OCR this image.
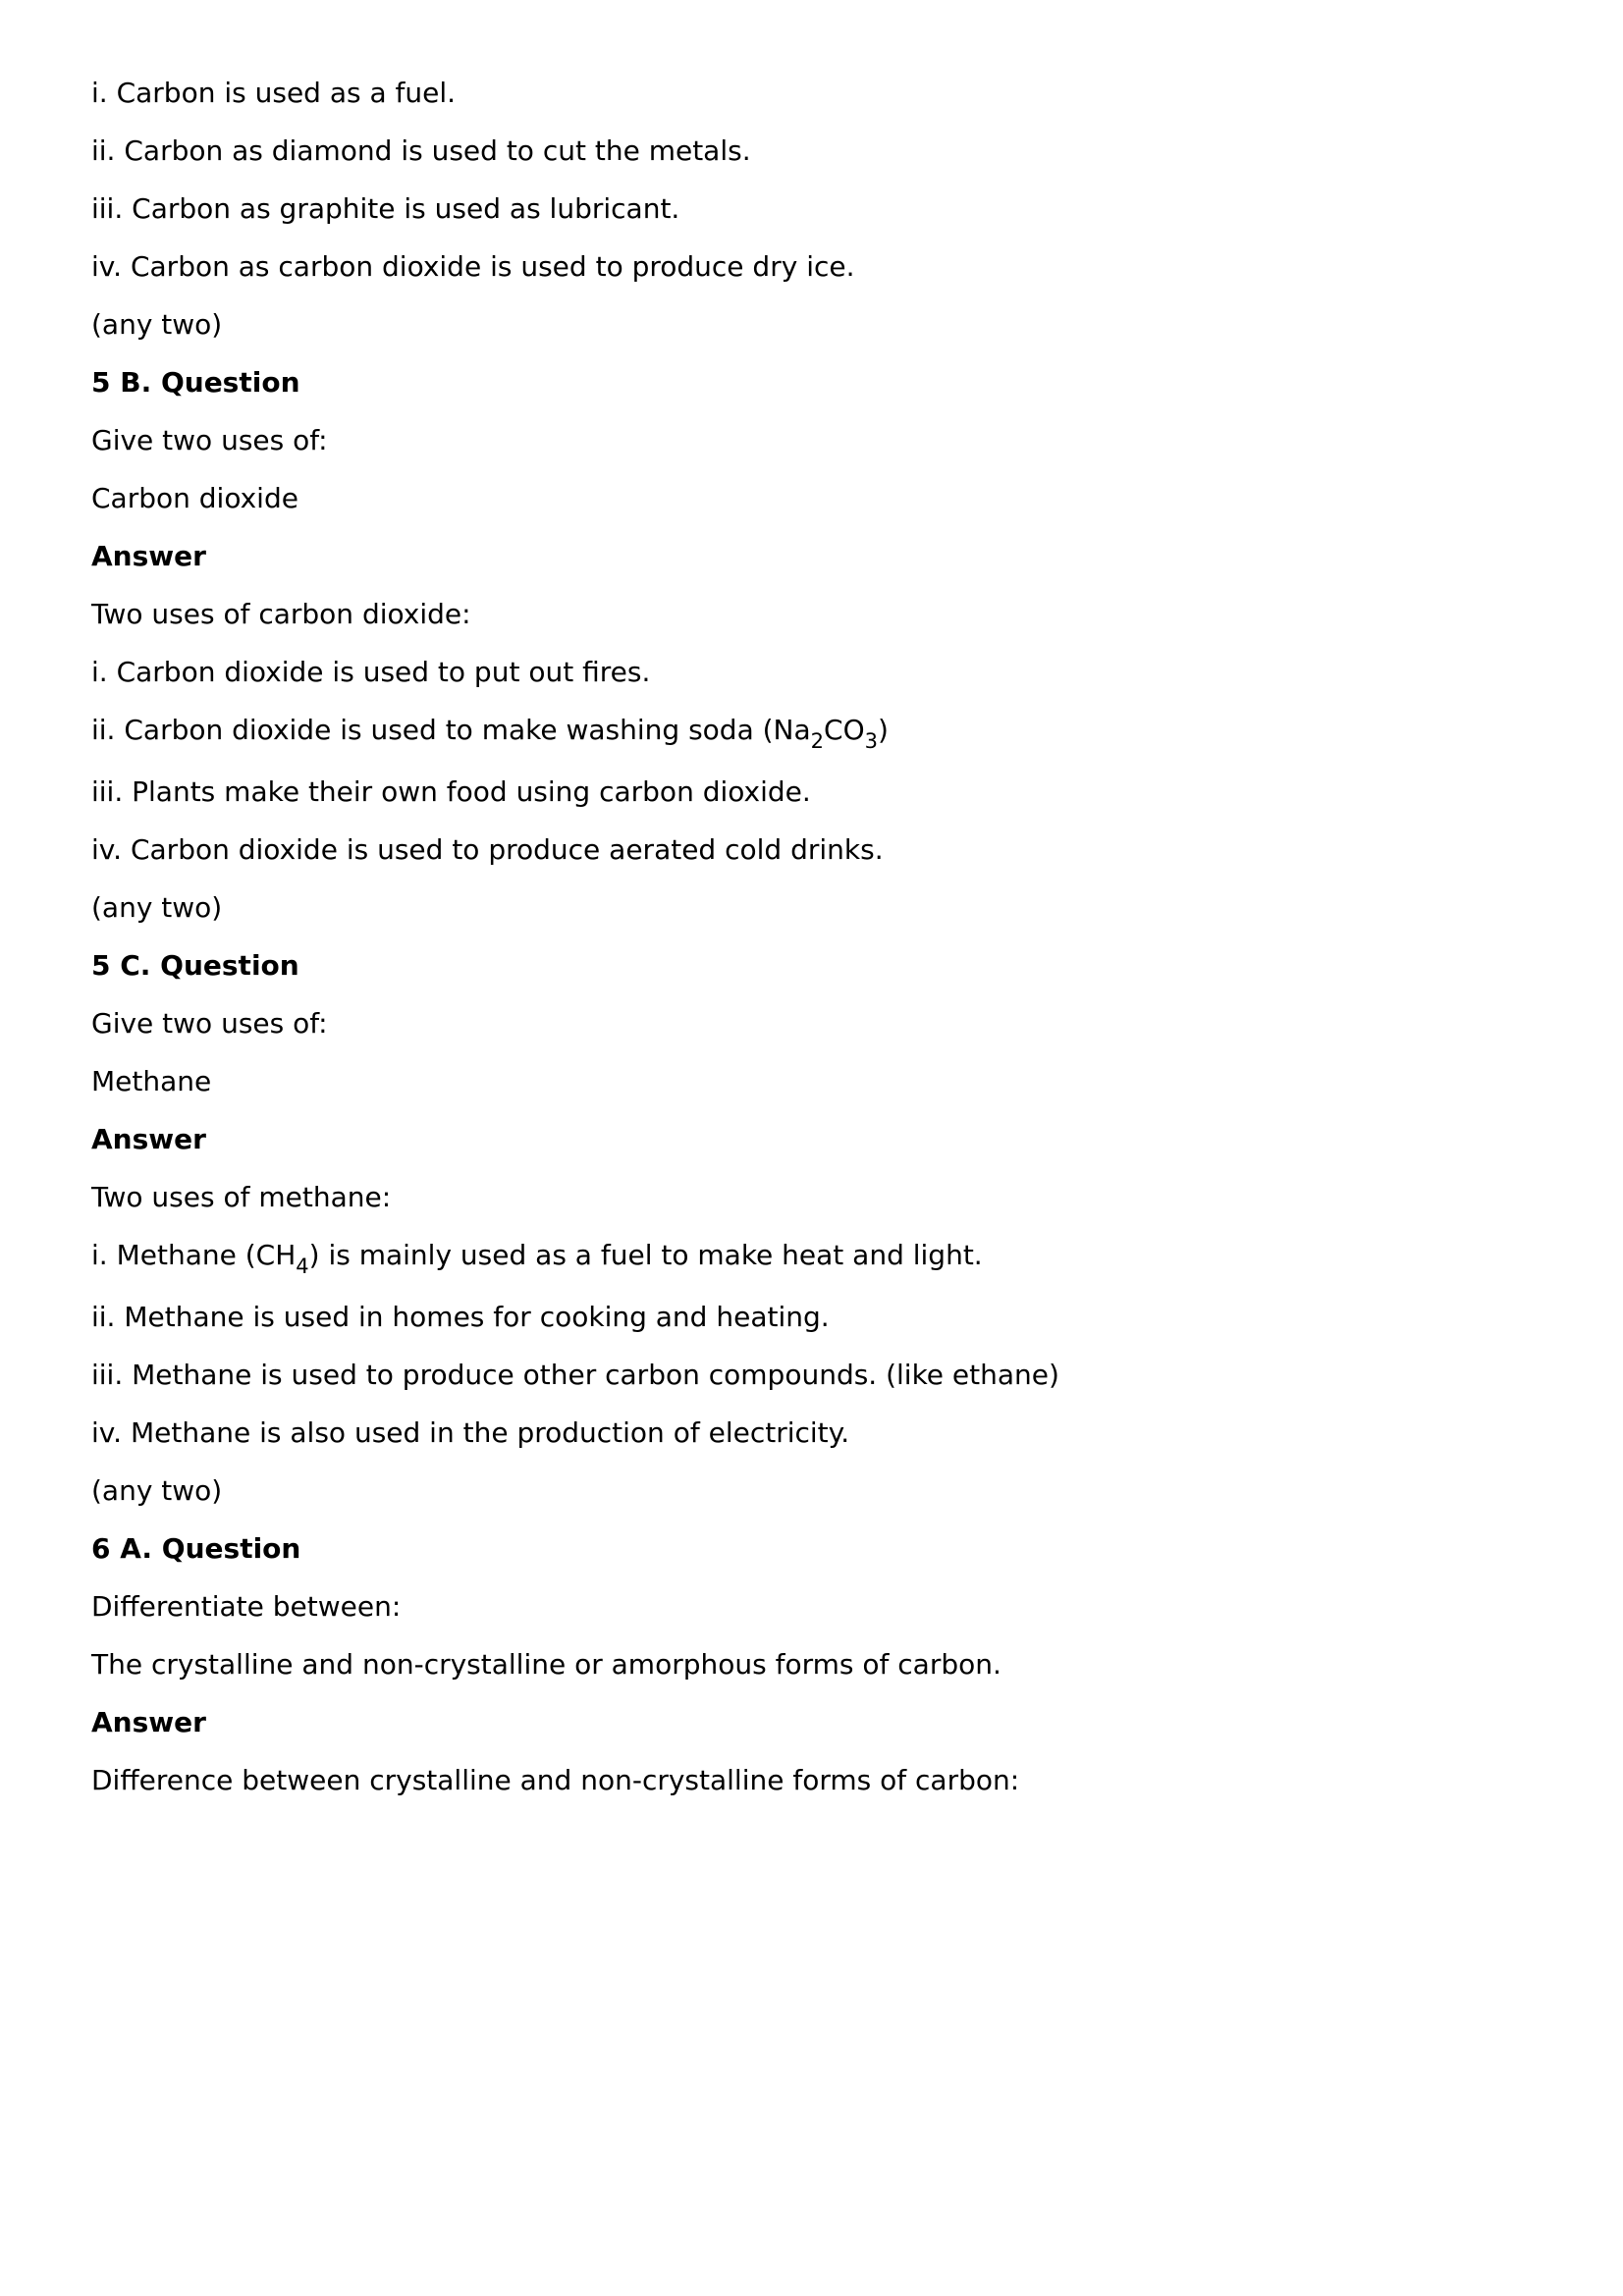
i. Carbon is used as a fuel.
ii. Carbon as diamond is used to cut the metals.
iii. Carbon as graphite is used as lubricant.
iv. Carbon as carbon dioxide is used to produce dry ice.
(any two)
5 B. Question
Give two uses of:
Carbon dioxide
Answer
Two uses of carbon dioxide:
i. Carbon dioxide is used to put out fires.
ii. Carbon dioxide is used to make washing soda $(Na_2CO_3)$
iii. Plants make their own food using carbon dioxide.
iv. Carbon dioxide is used to produce aerated cold drinks.
(any two)
5 C. Question
Give two uses of:
Methane
Answer
Two uses of methane:
i. Methane $(CH_4)$ is mainly used as a fuel to make heat and light.
ii. Methane is used in homes for cooking and heating.
iii. Methane is used to produce other carbon compounds. (like ethane)
iv. Methane is also used in the production of electricity.
(any two)
6 A. Question
Differentiate between:
The crystalline and non-crystalline or amorphous forms of carbon.
Answer
Difference between crystalline and non-crystalline forms of carbon:
